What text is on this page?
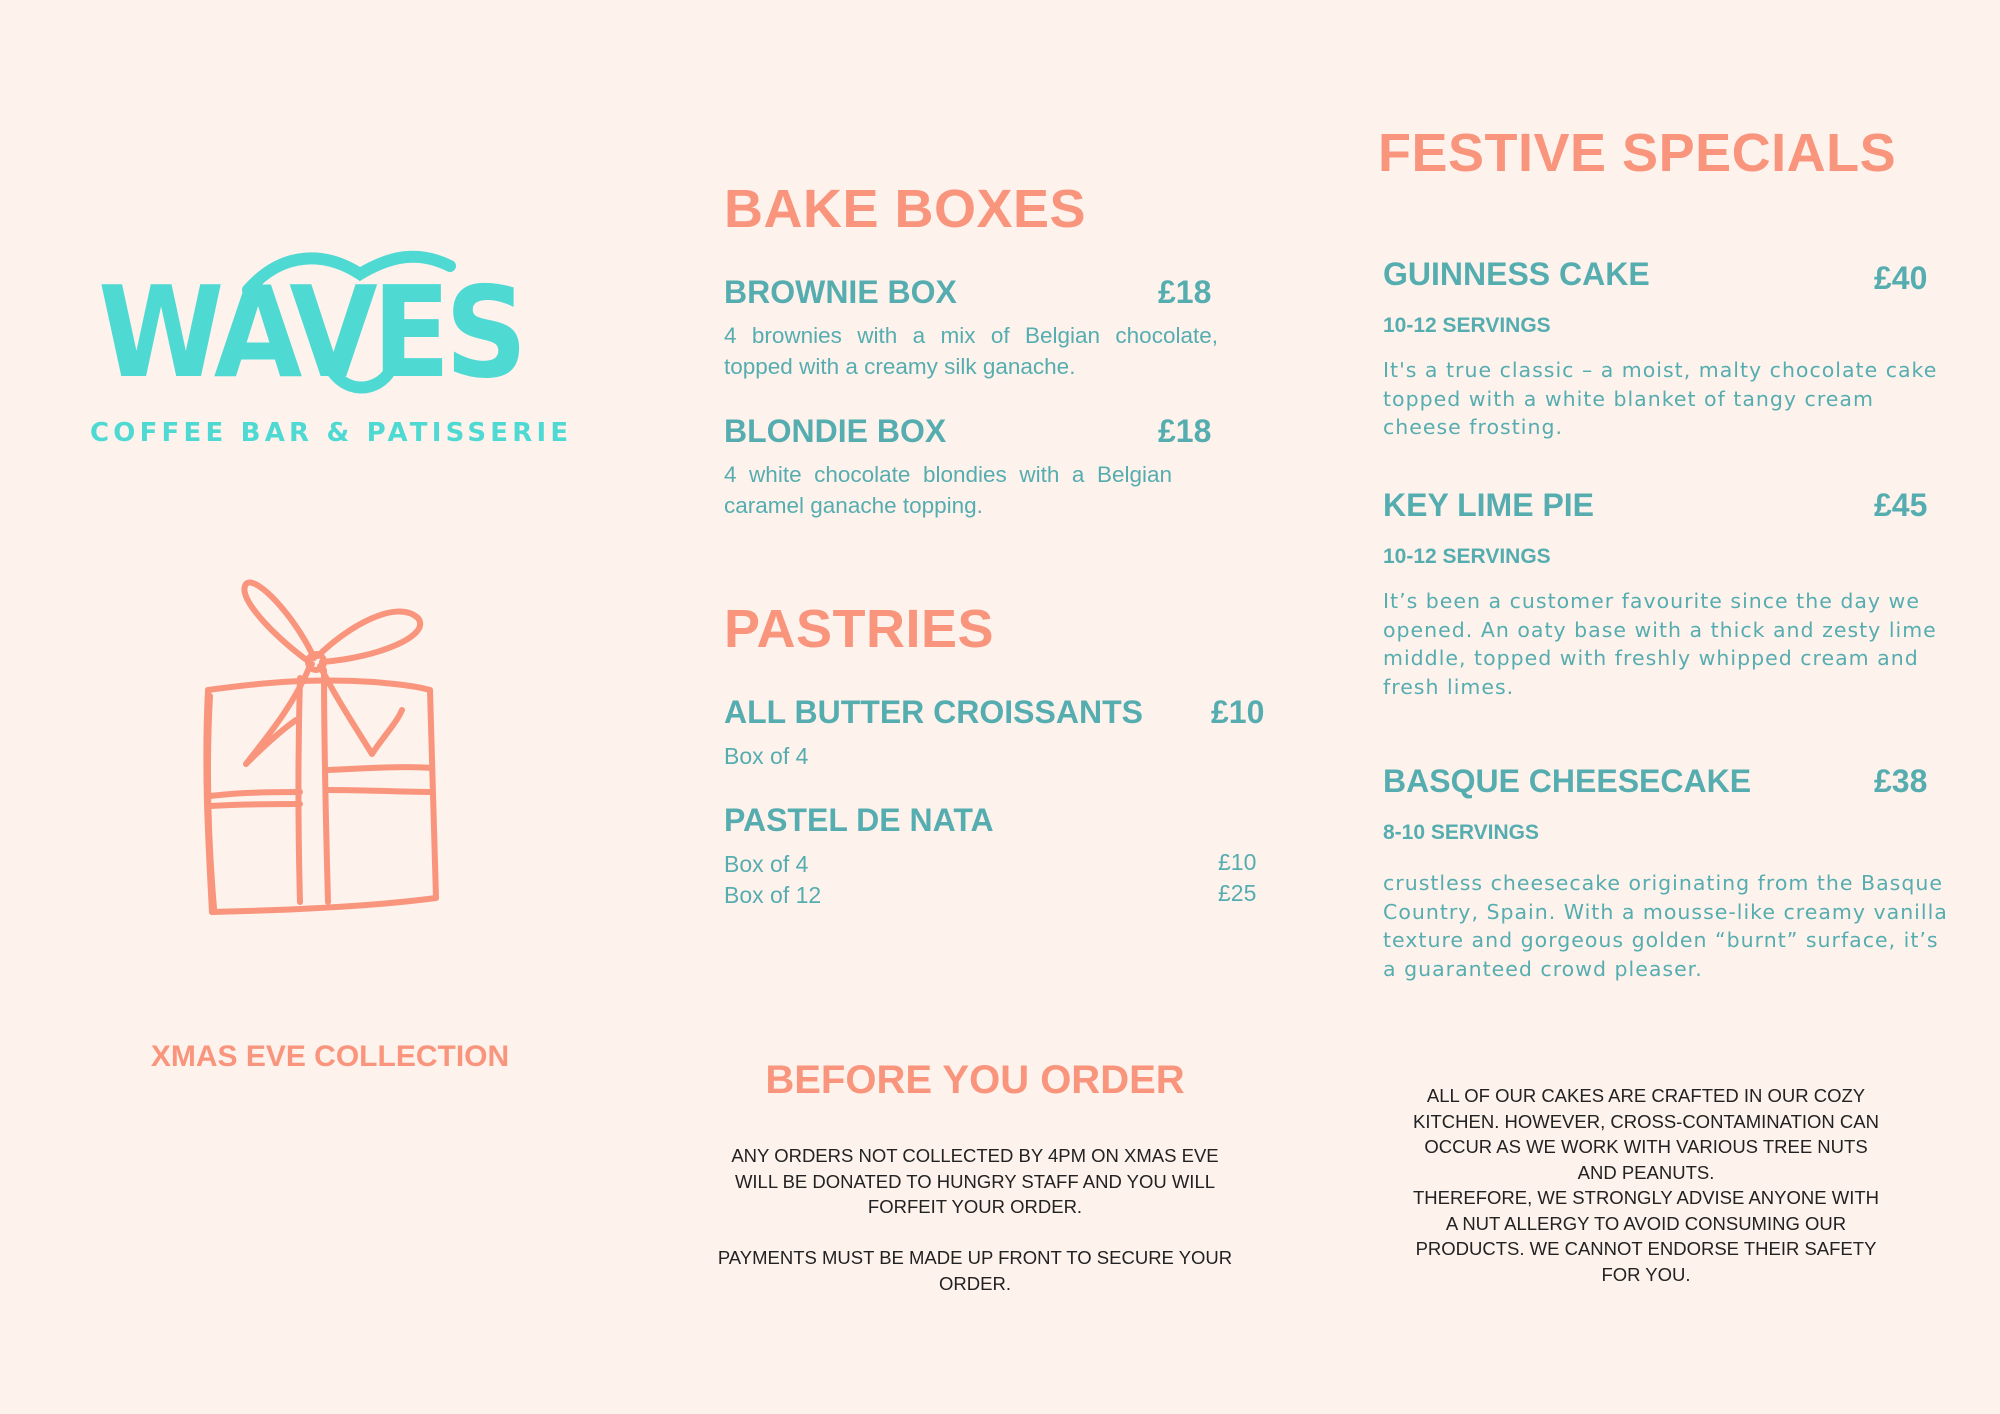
WAVES
COFFEE BAR & PATISSERIE
XMAS EVE COLLECTION
BAKE BOXES
BROWNIE BOX	£18
4 brownies with a mix of Belgian chocolate, topped with a creamy silk ganache.
BLONDIE BOX	£18
4 white chocolate blondies with a Belgian caramel ganache topping.
PASTRIES
ALL BUTTER CROISSANTS £10
Box of 4
PASTEL DE NATA
Box of 4	£10
Box of 12	£25
BEFORE YOU ORDER

ANY ORDERS NOT COLLECTED BY 4PM ON XMAS EVE WILL BE DONATED TO HUNGRY STAFF AND YOU WILL FORFEIT YOUR ORDER.

PAYMENTS MUST BE MADE UP FRONT TO SECURE YOUR ORDER.

FESTIVE SPECIALS
GUINNESS CAKE	£40
10-12 SERVINGS
It's a true classic – a moist, malty chocolate cake topped with a white blanket of tangy cream cheese frosting.
KEY LIME PIE	£45
10-12 SERVINGS
It’s been a customer favourite since the day we opened. An oaty base with a thick and zesty lime middle, topped with freshly whipped cream and fresh limes.
BASQUE CHEESECAKE	£38
8-10 SERVINGS
crustless cheesecake originating from the Basque Country, Spain. With a mousse-like creamy vanilla texture and gorgeous golden “burnt” surface, it’s a guaranteed crowd pleaser.

ALL OF OUR CAKES ARE CRAFTED IN OUR COZY KITCHEN. HOWEVER, CROSS-CONTAMINATION CAN OCCUR AS WE WORK WITH VARIOUS TREE NUTS AND PEANUTS.

THEREFORE, WE STRONGLY ADVISE ANYONE WITH A NUT ALLERGY TO AVOID CONSUMING OUR PRODUCTS. WE CANNOT ENDORSE THEIR SAFETY FOR YOU.
